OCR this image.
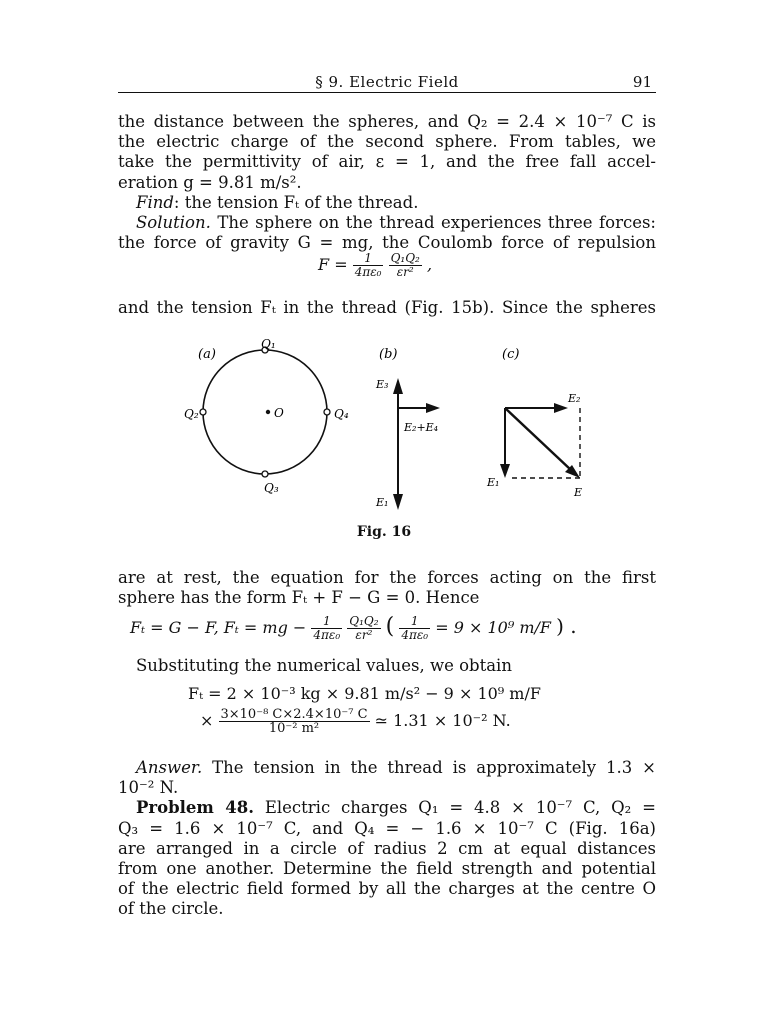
§ 9. Electric Field	91
the distance between the spheres, and Q₂ = 2.4 × 10⁻⁷ C is
the electric charge of the second sphere. From tables, we
take the permittivity of air, ε = 1, and the free fall accel-
eration g = 9.81 m/s².
Find: the tension Fₜ of the thread.
Solution. The sphere on the thread experiences three forces:
the force of gravity G = mg, the Coulomb force of repulsion
$F = \frac{1}{\text{4πε₀}}$
$\frac{\text{Q₁Q₂}}{\text{εr²}}$ ,
and the tension Fₜ in the thread (Fig. 15b). Since the spheres
(a)
Q₁
Q₂
Q₃
Q₄
O
(b)
E₃
E₂+E₄
E₁
(c)
E₂
E₁
E
Fig. 16
are at rest, the equation for the forces acting on the first
sphere has the form Fₜ + F − G = 0. Hence
Fₜ = G − F, Fₜ = mg − $\frac{1}{\text{4πε₀}}$
$\frac{\text{Q₁Q₂}}{\text{εr²}}$ ( $\frac{1}{\text{4πε₀}} = 9 \times 10^9$ m/F ) .
Substituting the numerical values, we obtain
Fₜ = 2 × 10⁻³ kg × 9.81 m/s² − 9 × 10⁹ m/F
× $\frac{\text{3×10⁻⁸ C×2.4×10⁻⁷ C}}{\text{10⁻² m²}}$ ≃ 1.31 × 10⁻² N.
Answer. The tension in the thread is approximately 1.3 ×
10⁻² N.
Problem 48. Electric charges Q₁ = 4.8 × 10⁻⁷ C, Q₂ =
Q₃ = 1.6 × 10⁻⁷ C, and Q₄ = − 1.6 × 10⁻⁷ C (Fig. 16a)
are arranged in a circle of radius 2 cm at equal distances
from one another. Determine the field strength and potential
of the electric field formed by all the charges at the centre O
of the circle.
